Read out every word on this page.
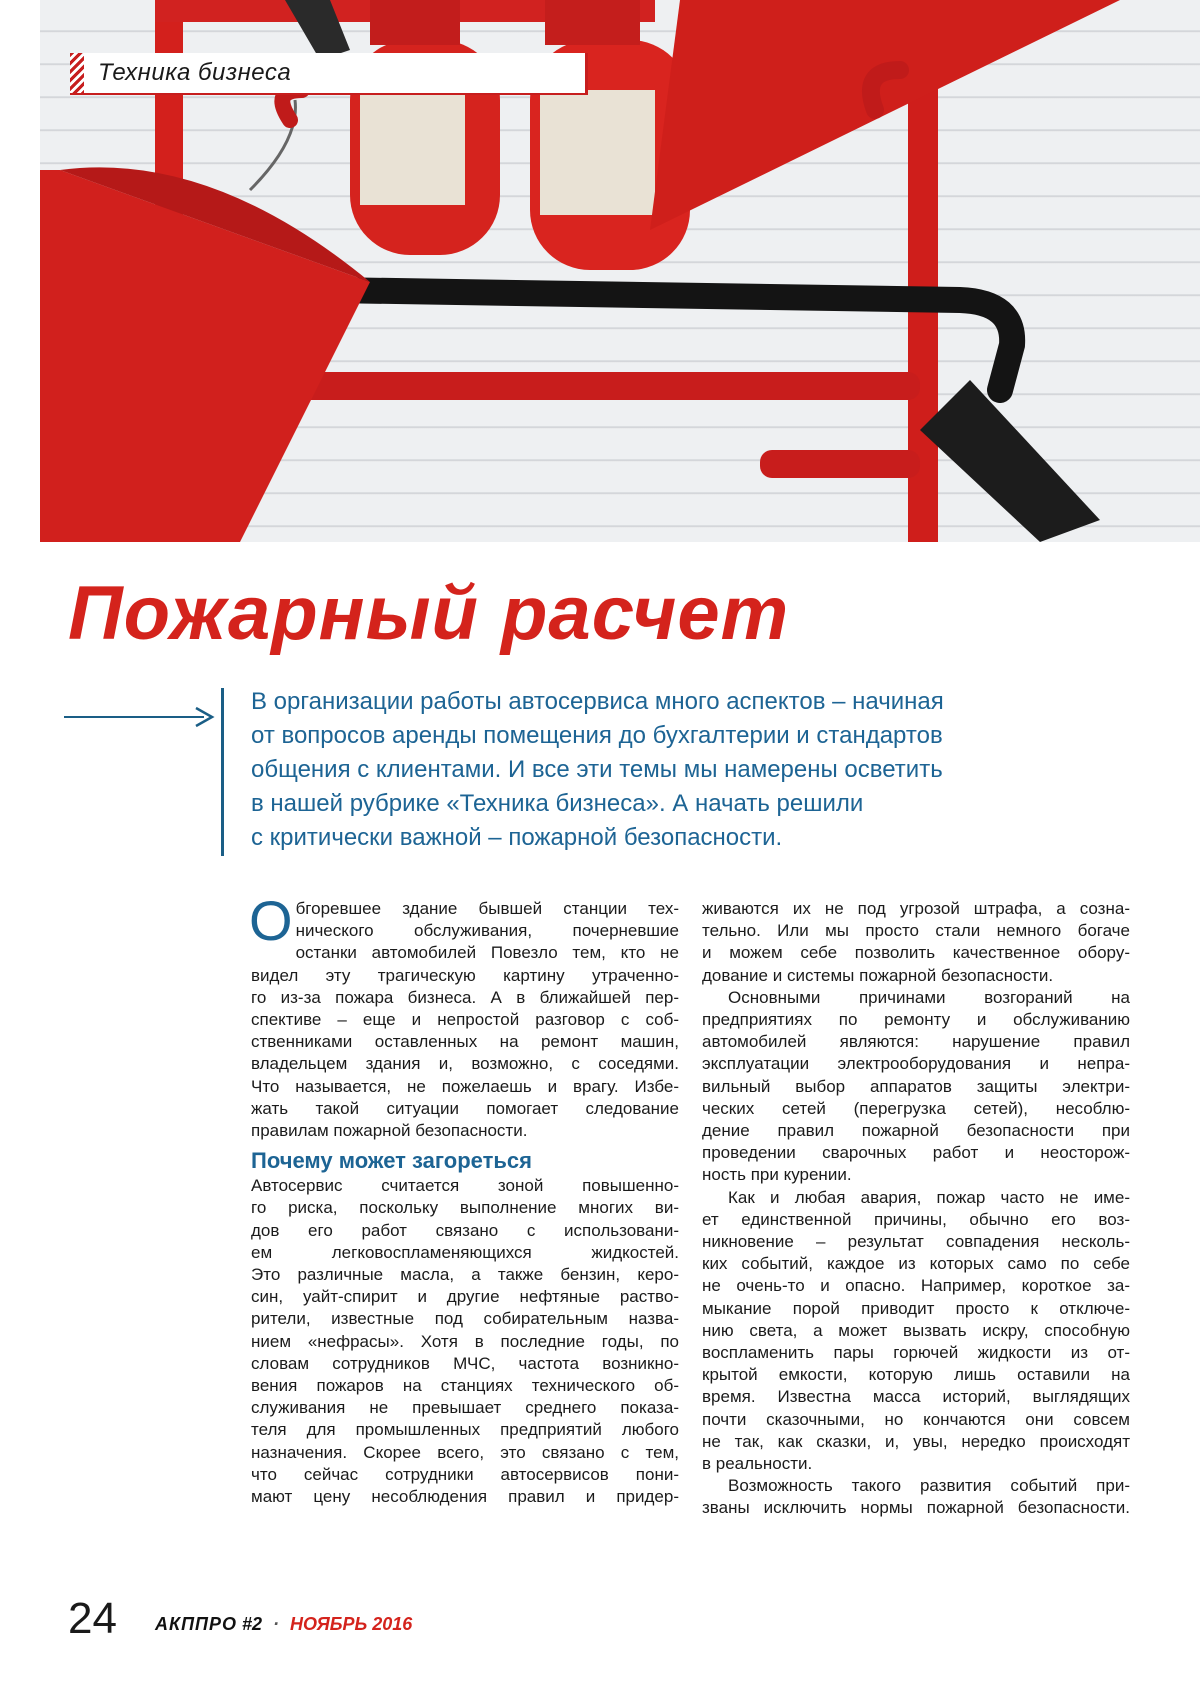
Техника бизнеса
Пожарный расчет
В организации работы автосервиса много аспектов – начиная
от вопросов аренды помещения до бухгалтерии и стандартов
общения с клиентами. И все эти темы мы намерены осветить
в нашей рубрике «Техника бизнеса». А начать решили
с критически важной – пожарной безопасности.

О бгоревшее здание бывшей станции тех-
нического обслуживания, почерневшие
останки автомобилей Повезло тем, кто не
видел эту трагическую картину утраченно-
го из-за пожара бизнеса. А в ближайшей пер-
спективе – еще и непростой разговор с соб-
ственниками оставленных на ремонт машин,
владельцем здания и, возможно, с соседями.
Что называется, не пожелаешь и врагу. Избе-
жать такой ситуации помогает следование
правилам пожарной безопасности.

Почему может загореться

Автосервис считается зоной повышенно-
го риска, поскольку выполнение многих ви-
дов его работ связано с использовани-
ем легковоспламеняющихся жидкостей.
Это различные масла, а также бензин, керо-
син, уайт-спирит и другие нефтяные раство-
рители, известные под собирательным назва-
нием «нефрасы». Хотя в последние годы, по
словам сотрудников МЧС, частота возникно-
вения пожаров на станциях технического об-
служивания не превышает среднего показа-
теля для промышленных предприятий любого
назначения. Скорее всего, это связано с тем,
что сейчас сотрудники автосервисов пони-
мают цену несоблюдения правил и придер-

живаются их не под угрозой штрафа, а созна-
тельно. Или мы просто стали немного богаче
и можем себе позволить качественное обору-
дование и системы пожарной безопасности.

Основными причинами возгораний на
предприятиях по ремонту и обслуживанию
автомобилей являются: нарушение правил
эксплуатации электрооборудования и непра-
вильный выбор аппаратов защиты электри-
ческих сетей (перегрузка сетей), несоблю-
дение правил пожарной безопасности при
проведении сварочных работ и неосторож-
ность при курении.

Как и любая авария, пожар часто не име-
ет единственной причины, обычно его воз-
никновение – результат совпадения несколь-
ких событий, каждое из которых само по себе
не очень-то и опасно. Например, короткое за-
мыкание порой приводит просто к отключе-
нию света, а может вызвать искру, способную
воспламенить пары горючей жидкости из от-
крытой емкости, которую лишь оставили на
время. Известна масса историй, выглядящих
почти сказочными, но кончаются они совсем
не так, как сказки, и, увы, нередко происходят
в реальности.

Возможность такого развития событий при-
званы исключить нормы пожарной безопасности.

24 АКППРО #2 · НОЯБРЬ 2016
